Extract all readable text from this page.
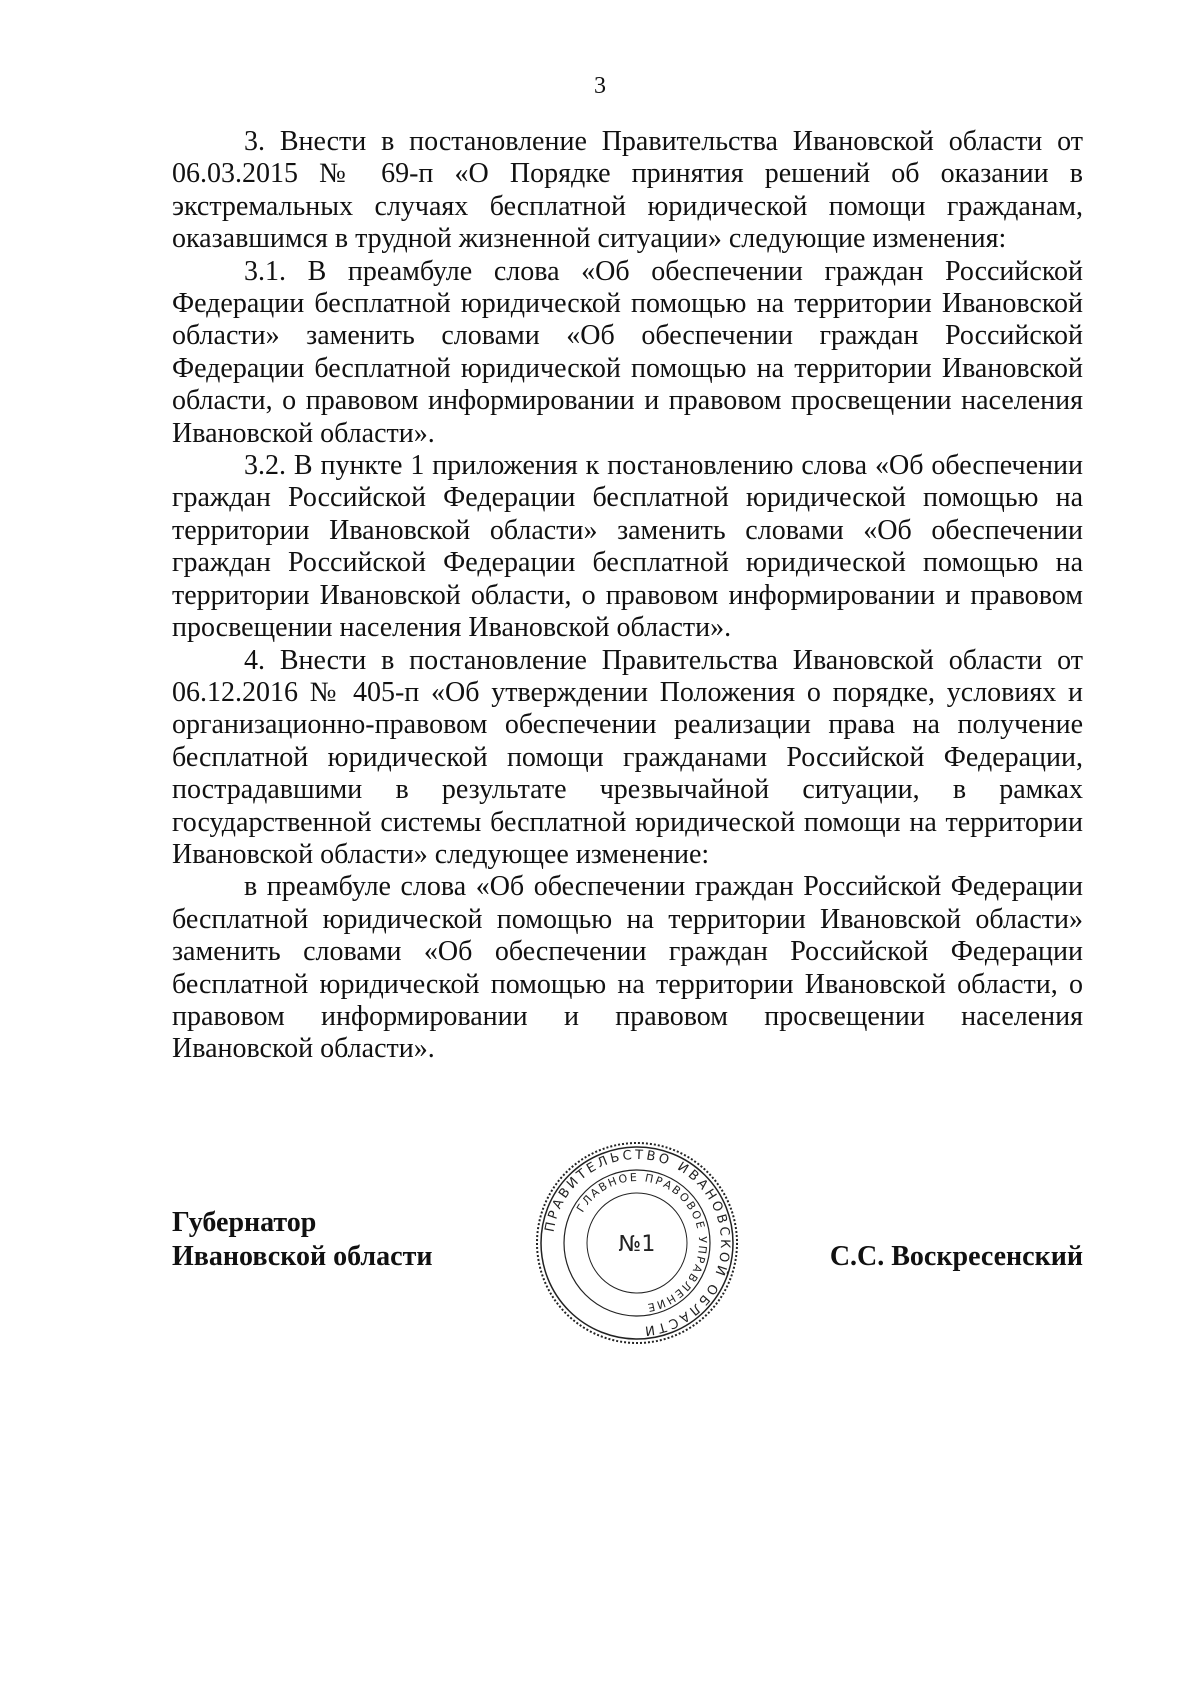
3

3. Внести в постановление Правительства Ивановской области от 06.03.2015 № 69-п «О Порядке принятия решений об оказании в экстремальных случаях бесплатной юридической помощи гражданам, оказавшимся в трудной жизненной ситуации» следующие изменения:

3.1. В преамбуле слова «Об обеспечении граждан Российской Федерации бесплатной юридической помощью на территории Ивановской области» заменить словами «Об обеспечении граждан Российской Федерации бесплатной юридической помощью на территории Ивановской области, о правовом информировании и правовом просвещении населения Ивановской области».

3.2. В пункте 1 приложения к постановлению слова «Об обеспечении граждан Российской Федерации бесплатной юридической помощью на территории Ивановской области» заменить словами «Об обеспечении граждан Российской Федерации бесплатной юридической помощью на территории Ивановской области, о правовом информировании и правовом просвещении населения Ивановской области».

4. Внести в постановление Правительства Ивановской области от 06.12.2016 № 405-п «Об утверждении Положения о порядке, условиях и организационно-правовом обеспечении реализации права на получение бесплатной юридической помощи гражданами Российской Федерации, пострадавшими в результате чрезвычайной ситуации, в рамках государственной системы бесплатной юридической помощи на территории Ивановской области» следующее изменение:

в преамбуле слова «Об обеспечении граждан Российской Федерации бесплатной юридической помощью на территории Ивановской области» заменить словами «Об обеспечении граждан Российской Федерации бесплатной юридической помощью на территории Ивановской области, о правовом информировании и правовом просвещении населения Ивановской области».

Губернатор
Ивановской области	С.С. Воскресенский
ПРАВИТЕЛЬСТВО ИВАНОВСКОЙ ОБЛАСТИ
ГЛАВНОЕ ПРАВОВОЕ УПРАВЛЕНИЕ
№1
